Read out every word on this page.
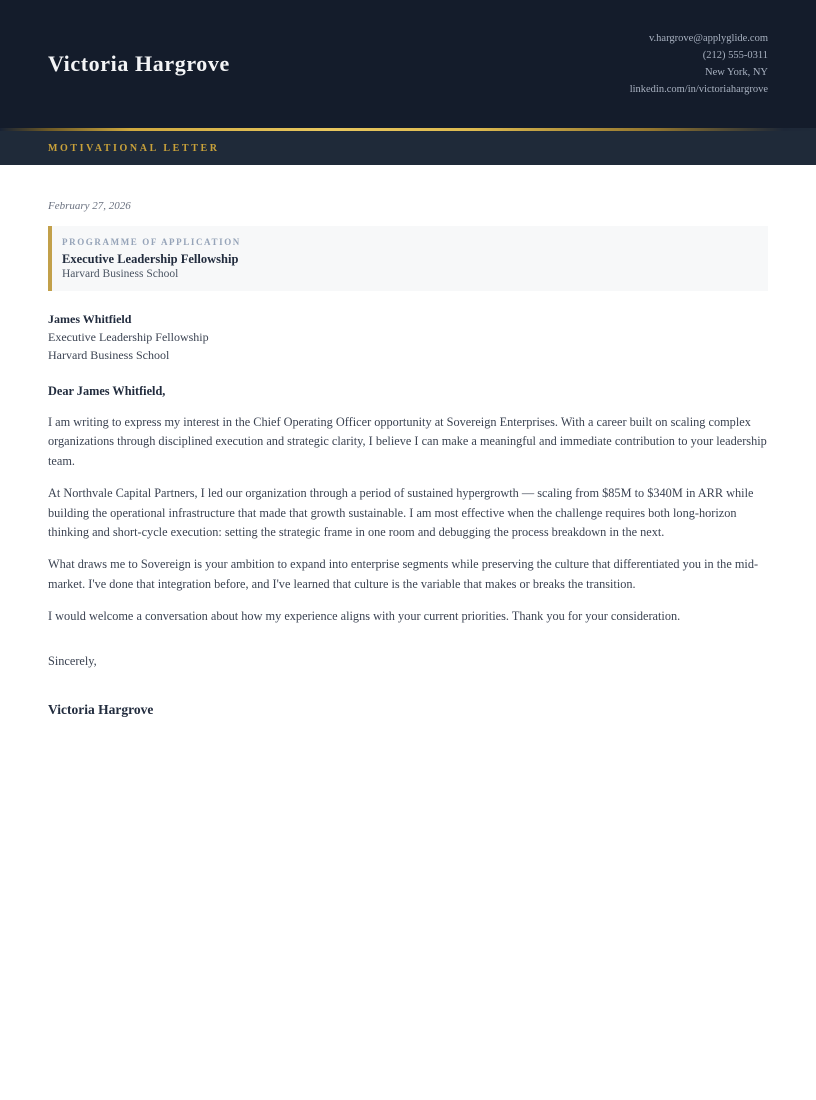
Victoria Hargrove
v.hargrove@applyglide.com
(212) 555-0311
New York, NY
linkedin.com/in/victoriahargrove
MOTIVATIONAL LETTER
February 27, 2026
PROGRAMME OF APPLICATION
Executive Leadership Fellowship
Harvard Business School
James Whitfield
Executive Leadership Fellowship
Harvard Business School
Dear James Whitfield,

I am writing to express my interest in the Chief Operating Officer opportunity at Sovereign Enterprises. With a career built on scaling complex organizations through disciplined execution and strategic clarity, I believe I can make a meaningful and immediate contribution to your leadership team.

At Northvale Capital Partners, I led our organization through a period of sustained hypergrowth — scaling from $85M to $340M in ARR while building the operational infrastructure that made that growth sustainable. I am most effective when the challenge requires both long-horizon thinking and short-cycle execution: setting the strategic frame in one room and debugging the process breakdown in the next.

What draws me to Sovereign is your ambition to expand into enterprise segments while preserving the culture that differentiated you in the mid-market. I've done that integration before, and I've learned that culture is the variable that makes or breaks the transition.

I would welcome a conversation about how my experience aligns with your current priorities. Thank you for your consideration.

Sincerely,
Victoria Hargrove
